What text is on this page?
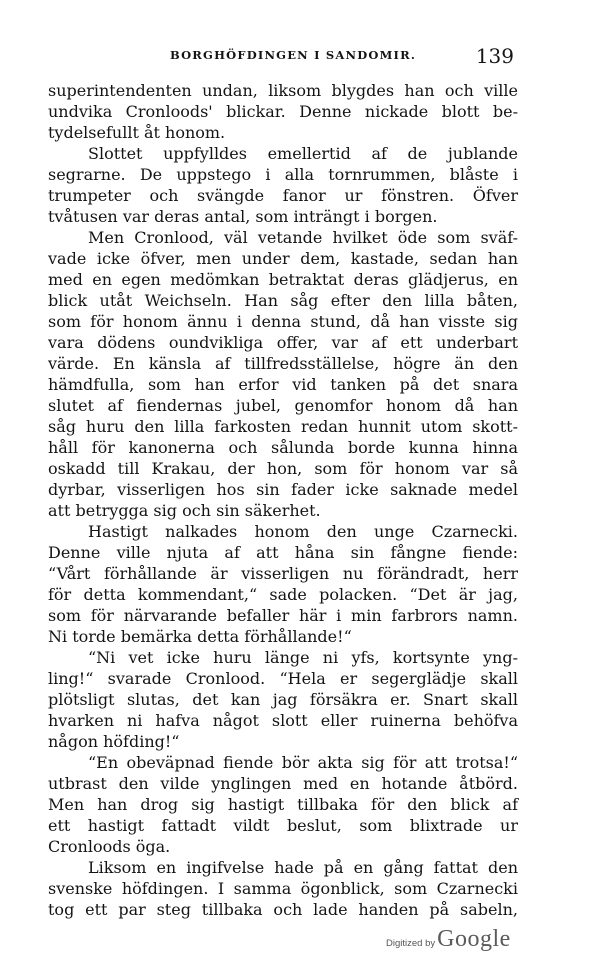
BORGHÖFDINGEN I SANDOMIR.	139
superintendenten undan, liksom blygdes han och ville
undvika Cronloods' blickar. Denne nickade blott be-
tydelsefullt åt honom.
Slottet uppfylldes emellertid af de jublande
segrarne. De uppstego i alla tornrummen, blåste i
trumpeter och svängde fanor ur fönstren. Öfver
tvåtusen var deras antal, som inträngt i borgen.
Men Cronlood, väl vetande hvilket öde som sväf-
vade icke öfver, men under dem, kastade, sedan han
med en egen medömkan betraktat deras glädjerus, en
blick utåt Weichseln. Han såg efter den lilla båten,
som för honom ännu i denna stund, då han visste sig
vara dödens oundvikliga offer, var af ett underbart
värde. En känsla af tillfredsställelse, högre än den
hämdfulla, som han erfor vid tanken på det snara
slutet af fiendernas jubel, genomfor honom då han
såg huru den lilla farkosten redan hunnit utom skott-
håll för kanonerna och sålunda borde kunna hinna
oskadd till Krakau, der hon, som för honom var så
dyrbar, visserligen hos sin fader icke saknade medel
att betrygga sig och sin säkerhet.
Hastigt nalkades honom den unge Czarnecki.
Denne ville njuta af att håna sin fångne fiende:
“Vårt förhållande är visserligen nu förändradt, herr
för detta kommendant,“ sade polacken. “Det är jag,
som för närvarande befaller här i min farbrors namn.
Ni torde bemärka detta förhållande!“
“Ni vet icke huru länge ni yfs, kortsynte yng-
ling!“ svarade Cronlood. “Hela er segerglädje skall
plötsligt slutas, det kan jag försäkra er. Snart skall
hvarken ni hafva något slott eller ruinerna behöfva
någon höfding!“
“En obeväpnad fiende bör akta sig för att trotsa!“
utbrast den vilde ynglingen med en hotande åtbörd.
Men han drog sig hastigt tillbaka för den blick af
ett hastigt fattadt vildt beslut, som blixtrade ur
Cronloods öga.
Liksom en ingifvelse hade på en gång fattat den
svenske höfdingen. I samma ögonblick, som Czarnecki
tog ett par steg tillbaka och lade handen på sabeln,
Digitized by Google
